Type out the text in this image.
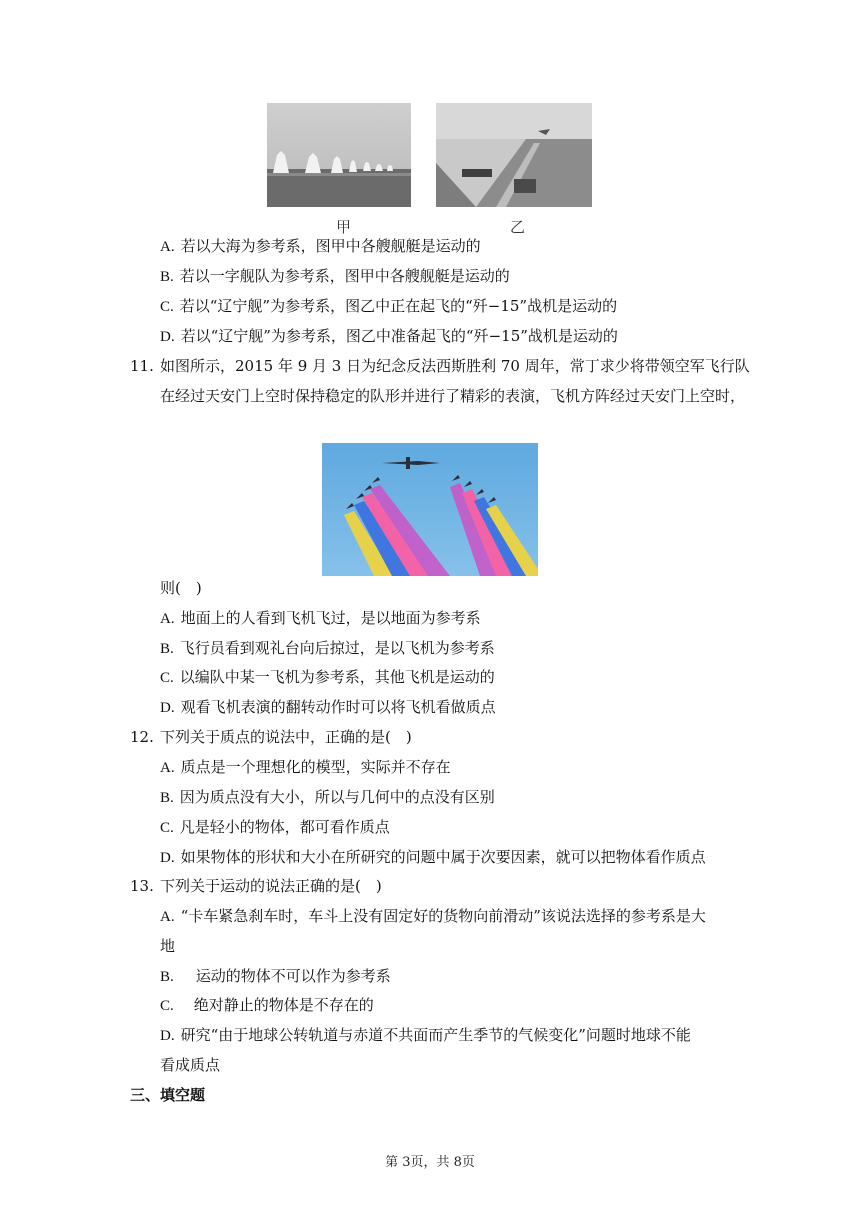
甲	乙
A. 若以大海为参考系，图甲中各艘舰艇是运动的
B. 若以一字舰队为参考系，图甲中各艘舰艇是运动的
C. 若以“辽宁舰”为参考系，图乙中正在起飞的“歼−15”战机是运动的
D. 若以“辽宁舰”为参考系，图乙中准备起飞的“歼−15”战机是运动的
11. 如图所示，2015 年 9 月 3 日为纪念反法西斯胜利 70 周年，常丁求少将带领空军飞行队
在经过天安门上空时保持稳定的队形并进行了精彩的表演，飞机方阵经过天安门上空时，
则(　)
A. 地面上的人看到飞机飞过，是以地面为参考系
B. 飞行员看到观礼台向后掠过，是以飞机为参考系
C. 以编队中某一飞机为参考系，其他飞机是运动的
D. 观看飞机表演的翻转动作时可以将飞机看做质点
12. 下列关于质点的说法中，正确的是(　)
A. 质点是一个理想化的模型，实际并不存在
B. 因为质点没有大小，所以与几何中的点没有区别
C. 凡是轻小的物体，都可看作质点
D. 如果物体的形状和大小在所研究的问题中属于次要因素，就可以把物体看作质点
13. 下列关于运动的说法正确的是(　)
A. “卡车紧急刹车时，车斗上没有固定好的货物向前滑动”该说法选择的参考系是大
地
B. 运动的物体不可以作为参考系
C. 绝对静止的物体是不存在的
D. 研究“由于地球公转轨道与赤道不共面而产生季节的气候变化”问题时地球不能
看成质点
三、填空题
第 3页，共 8页
